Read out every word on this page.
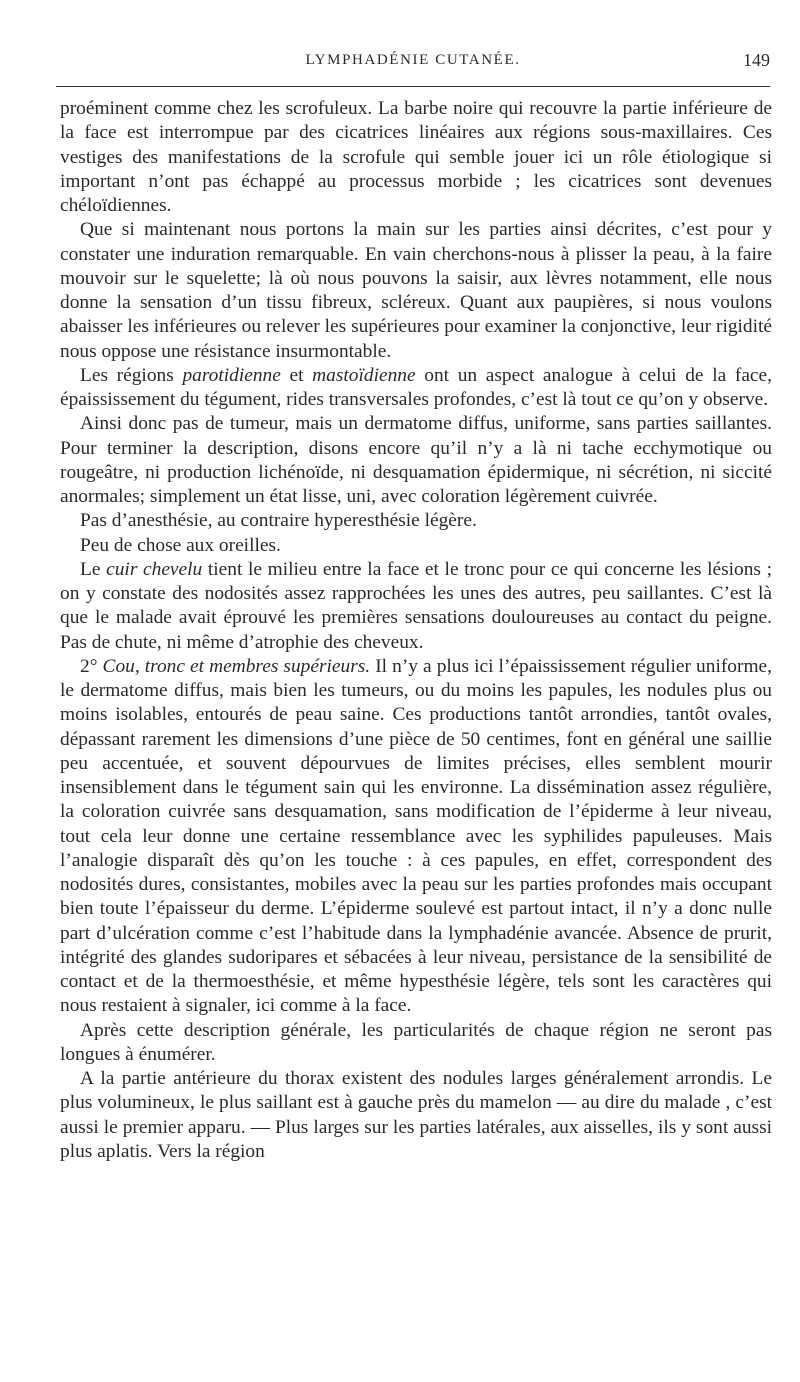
LYMPHADÉNIE CUTANÉE.	149

proéminent comme chez les scrofuleux. La barbe noire qui recouvre la partie inférieure de la face est interrompue par des cicatrices linéaires aux régions sous-maxillaires. Ces vestiges des manifestations de la scrofule qui semble jouer ici un rôle étiologique si important n’ont pas échappé au processus morbide ; les cicatrices sont devenues chéloïdiennes.

Que si maintenant nous portons la main sur les parties ainsi décrites, c’est pour y constater une induration remarquable. En vain cherchons-nous à plisser la peau, à la faire mouvoir sur le squelette; là où nous pouvons la saisir, aux lèvres notamment, elle nous donne la sensation d’un tissu fibreux, scléreux. Quant aux paupières, si nous voulons abaisser les inférieures ou relever les supérieures pour examiner la conjonctive, leur rigidité nous oppose une résistance insurmontable.

Les régions parotidienne et mastoïdienne ont un aspect analogue à celui de la face, épaississement du tégument, rides transversales profondes, c’est là tout ce qu’on y observe.

Ainsi donc pas de tumeur, mais un dermatome diffus, uniforme, sans parties saillantes. Pour terminer la description, disons encore qu’il n’y a là ni tache ecchymotique ou rougeâtre, ni production lichénoïde, ni desquamation épidermique, ni sécrétion, ni siccité anormales; simplement un état lisse, uni, avec coloration légèrement cuivrée.

Pas d’anesthésie, au contraire hyperesthésie légère.

Peu de chose aux oreilles.

Le cuir chevelu tient le milieu entre la face et le tronc pour ce qui concerne les lésions ; on y constate des nodosités assez rapprochées les unes des autres, peu saillantes. C’est là que le malade avait éprouvé les premières sensations douloureuses au contact du peigne. Pas de chute, ni même d’atrophie des cheveux.

2° Cou, tronc et membres supérieurs. Il n’y a plus ici l’épaississement régulier uniforme, le dermatome diffus, mais bien les tumeurs, ou du moins les papules, les nodules plus ou moins isolables, entourés de peau saine. Ces productions tantôt arrondies, tantôt ovales, dépassant rarement les dimensions d’une pièce de 50 centimes, font en général une saillie peu accentuée, et souvent dépourvues de limites précises, elles semblent mourir insensiblement dans le tégument sain qui les environne. La dissémination assez régulière, la coloration cuivrée sans desquamation, sans modification de l’épiderme à leur niveau, tout cela leur donne une certaine ressemblance avec les syphilides papuleuses. Mais l’analogie disparaît dès qu’on les touche : à ces papules, en effet, correspondent des nodosités dures, consistantes, mobiles avec la peau sur les parties profondes mais occupant bien toute l’épaisseur du derme. L’épiderme soulevé est partout intact, il n’y a donc nulle part d’ulcération comme c’est l’habitude dans la lymphadénie avancée. Absence de prurit, intégrité des glandes sudoripares et sébacées à leur niveau, persistance de la sensibilité de contact et de la thermoesthésie, et même hypesthésie légère, tels sont les caractères qui nous restaient à signaler, ici comme à la face.

Après cette description générale, les particularités de chaque région ne seront pas longues à énumérer.

A la partie antérieure du thorax existent des nodules larges généralement arrondis. Le plus volumineux, le plus saillant est à gauche près du mamelon — au dire du malade , c’est aussi le premier apparu. — Plus larges sur les parties latérales, aux aisselles, ils y sont aussi plus aplatis. Vers la région
